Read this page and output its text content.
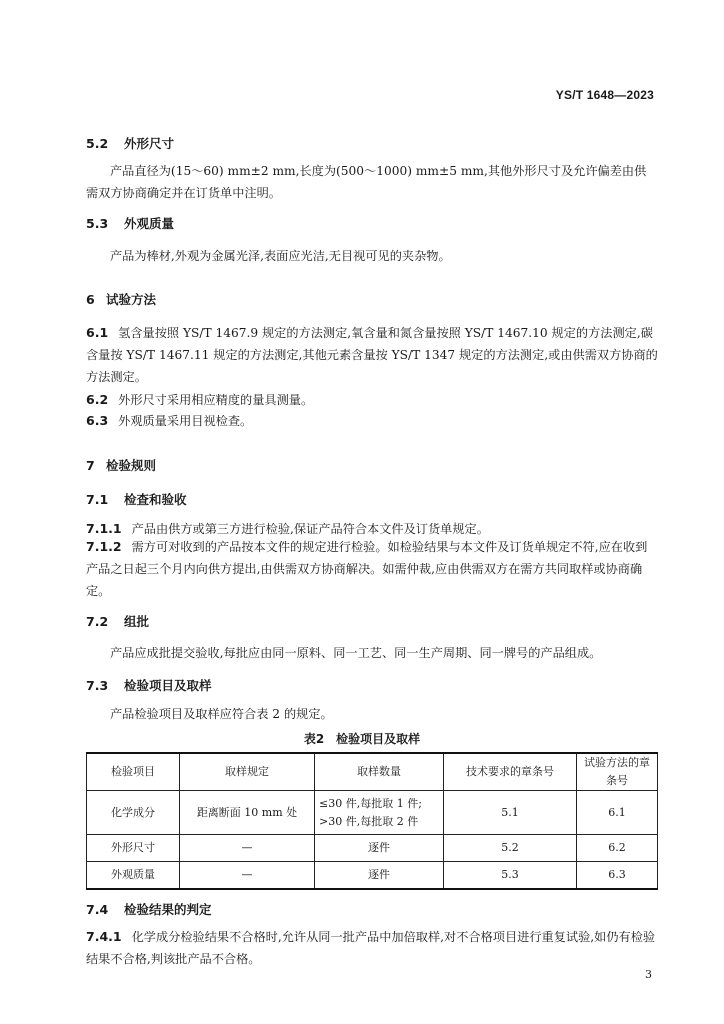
YS/T 1648—2023
5.2 外形尺寸
产品直径为(15～60) mm±2 mm,长度为(500～1000) mm±5 mm,其他外形尺寸及允许偏差由供需双方协商确定并在订货单中注明。
5.3 外观质量
产品为棒材,外观为金属光泽,表面应光洁,无目视可见的夹杂物。
6 试验方法
6.1 氢含量按照 YS/T 1467.9 规定的方法测定,氧含量和氮含量按照 YS/T 1467.10 规定的方法测定,碳含量按 YS/T 1467.11 规定的方法测定,其他元素含量按 YS/T 1347 规定的方法测定,或由供需双方协商的方法测定。
6.2 外形尺寸采用相应精度的量具测量。
6.3 外观质量采用目视检查。
7 检验规则
7.1 检查和验收
7.1.1 产品由供方或第三方进行检验,保证产品符合本文件及订货单规定。
7.1.2 需方可对收到的产品按本文件的规定进行检验。如检验结果与本文件及订货单规定不符,应在收到产品之日起三个月内向供方提出,由供需双方协商解决。如需仲裁,应由供需双方在需方共同取样或协商确定。
7.2 组批
产品应成批提交验收,每批应由同一原料、同一工艺、同一生产周期、同一牌号的产品组成。
7.3 检验项目及取样
产品检验项目及取样应符合表 2 的规定。
表2　检验项目及取样
检验项目	取样规定	取样数量	技术要求的章条号	试验方法的章条号
化学成分	距离断面 10 mm 处	≤30 件,每批取 1 件;
>30 件,每批取 2 件	5.1	6.1
外形尺寸	—	逐件	5.2	6.2
外观质量	—	逐件	5.3	6.3
7.4 检验结果的判定
7.4.1 化学成分检验结果不合格时,允许从同一批产品中加倍取样,对不合格项目进行重复试验,如仍有检验结果不合格,判该批产品不合格。
3
